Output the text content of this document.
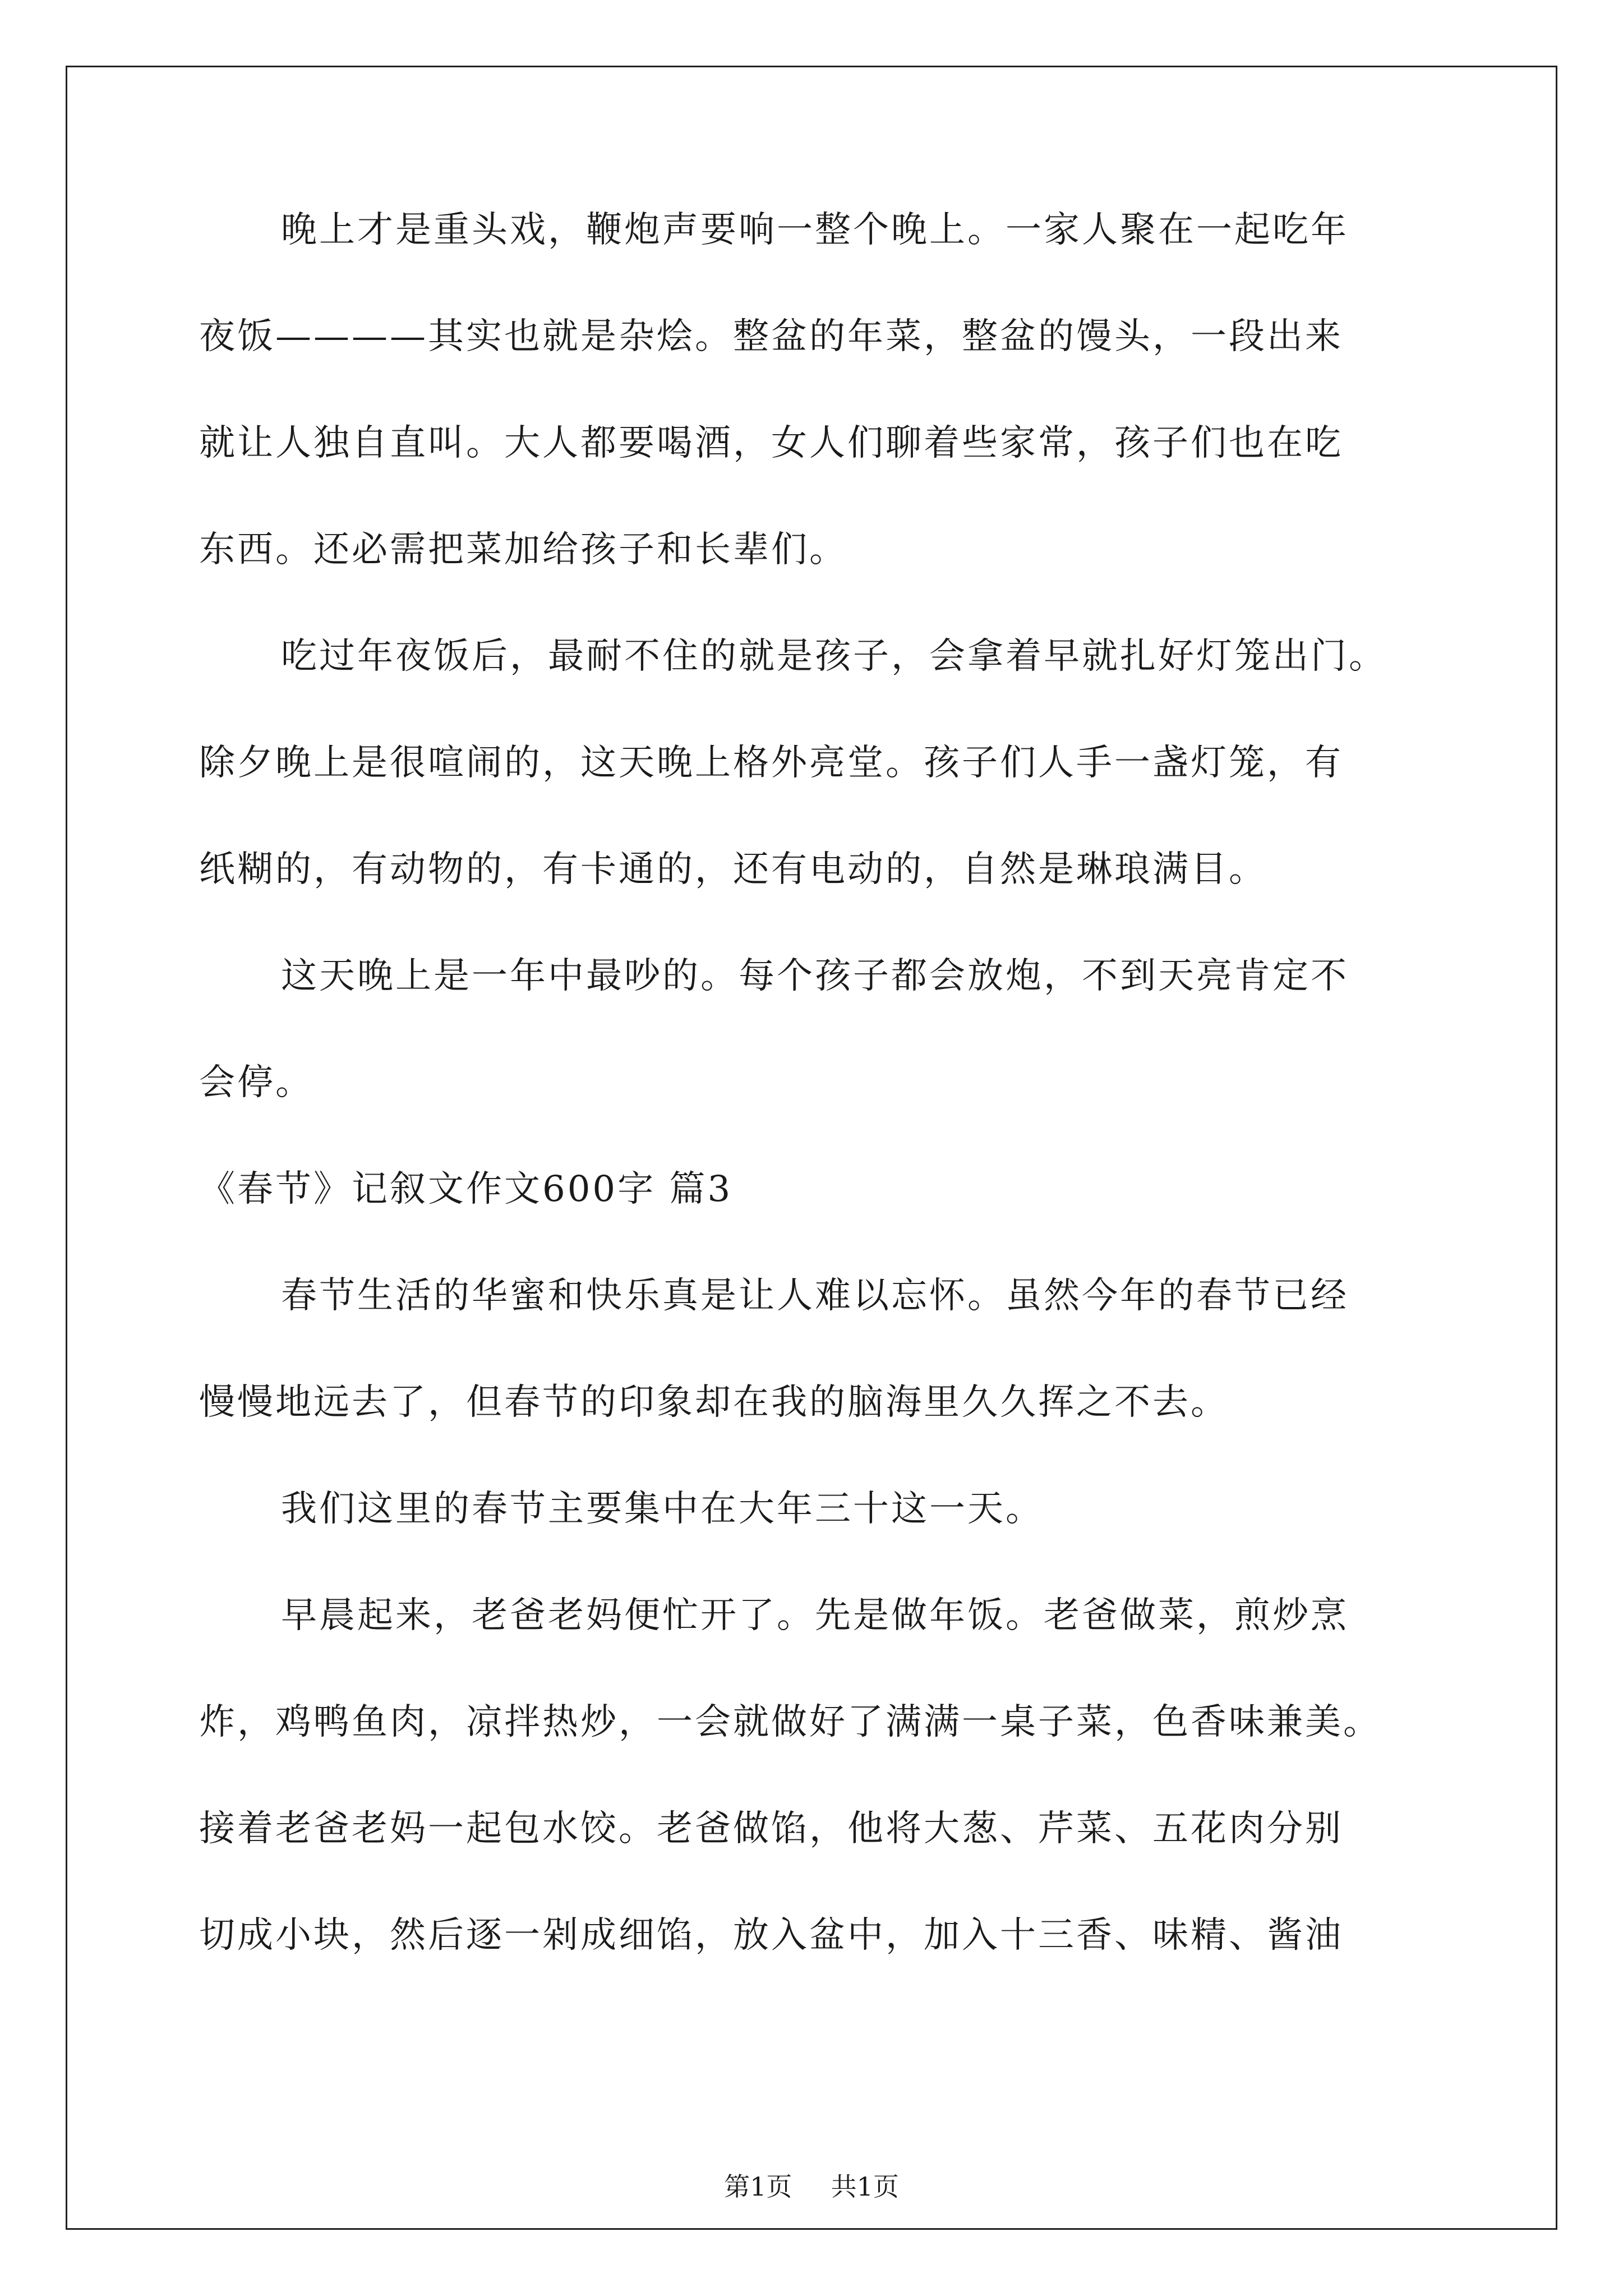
晚上才是重头戏，鞭炮声要响一整个晚上。一家人聚在一起吃年
夜饭————其实也就是杂烩。整盆的年菜，整盆的馒头，一段出来
就让人独自直叫。大人都要喝酒，女人们聊着些家常，孩子们也在吃
东西。还必需把菜加给孩子和长辈们。
吃过年夜饭后，最耐不住的就是孩子，会拿着早就扎好灯笼出门。
除夕晚上是很喧闹的，这天晚上格外亮堂。孩子们人手一盏灯笼，有
纸糊的，有动物的，有卡通的，还有电动的，自然是琳琅满目。
这天晚上是一年中最吵的。每个孩子都会放炮，不到天亮肯定不
会停。
《春节》记叙文作文600字 篇3
春节生活的华蜜和快乐真是让人难以忘怀。虽然今年的春节已经
慢慢地远去了，但春节的印象却在我的脑海里久久挥之不去。
我们这里的春节主要集中在大年三十这一天。
早晨起来，老爸老妈便忙开了。先是做年饭。老爸做菜，煎炒烹
炸，鸡鸭鱼肉，凉拌热炒，一会就做好了满满一桌子菜，色香味兼美。
接着老爸老妈一起包水饺。老爸做馅，他将大葱、芹菜、五花肉分别
切成小块，然后逐一剁成细馅，放入盆中，加入十三香、味精、酱油
第1页 共1页
